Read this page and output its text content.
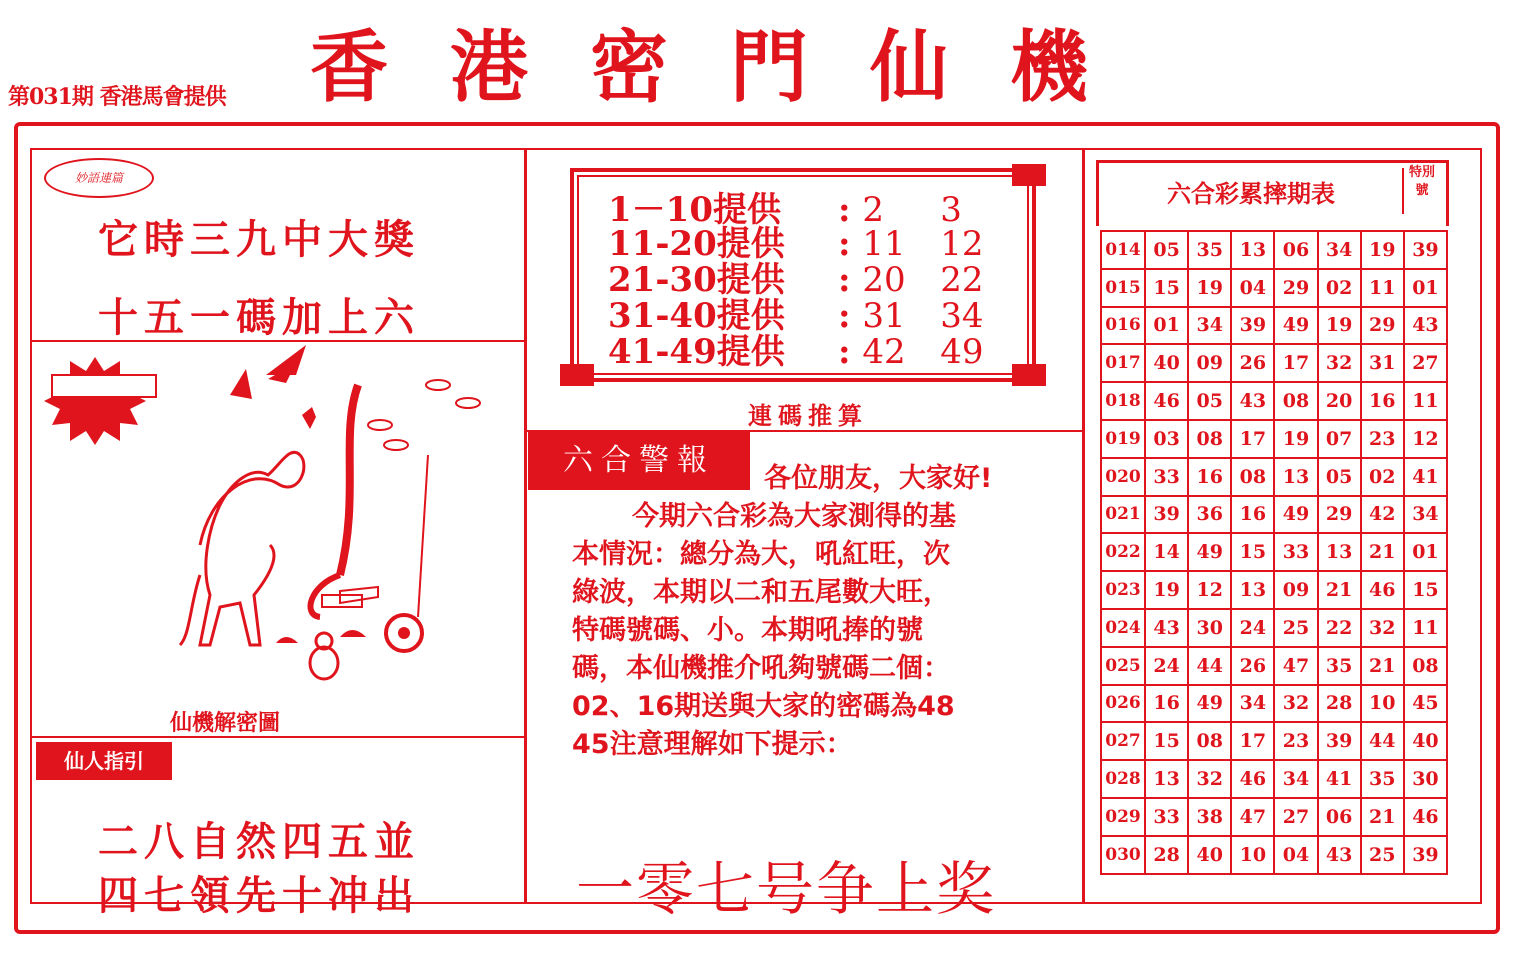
第031期 香港馬會提供 香港密門仙機
妙語連篇
它時三九中大獎
十五一碼加上六
仙機解密圖
仙人指引
二八自然四五並
四七領先十冲出
1－10提供 : 2 3
11-20提供 : 11 12
21-30提供 : 20 22
31-40提供 : 31 34
41-49提供 : 42 49
連碼推算
六合警報
各位朋友，大家好!
今期六合彩為大家測得的基
本情況：總分為大，吼紅旺，次
綠波，本期以二和五尾數大旺，
特碼號碼、小。本期吼捧的號
碼，本仙機推介吼夠號碼二個：
02、16期送與大家的密碼為48
45注意理解如下提示：
一零七号争上奖
六合彩累摔期表
特別號
014	05	35	13	06	34	19	39
015	15	19	04	29	02	11	01
016	01	34	39	49	19	29	43
017	40	09	26	17	32	31	27
018	46	05	43	08	20	16	11
019	03	08	17	19	07	23	12
020	33	16	08	13	05	02	41
021	39	36	16	49	29	42	34
022	14	49	15	33	13	21	01
023	19	12	13	09	21	46	15
024	43	30	24	25	22	32	11
025	24	44	26	47	35	21	08
026	16	49	34	32	28	10	45
027	15	08	17	23	39	44	40
028	13	32	46	34	41	35	30
029	33	38	47	27	06	21	46
030	28	40	10	04	43	25	39
